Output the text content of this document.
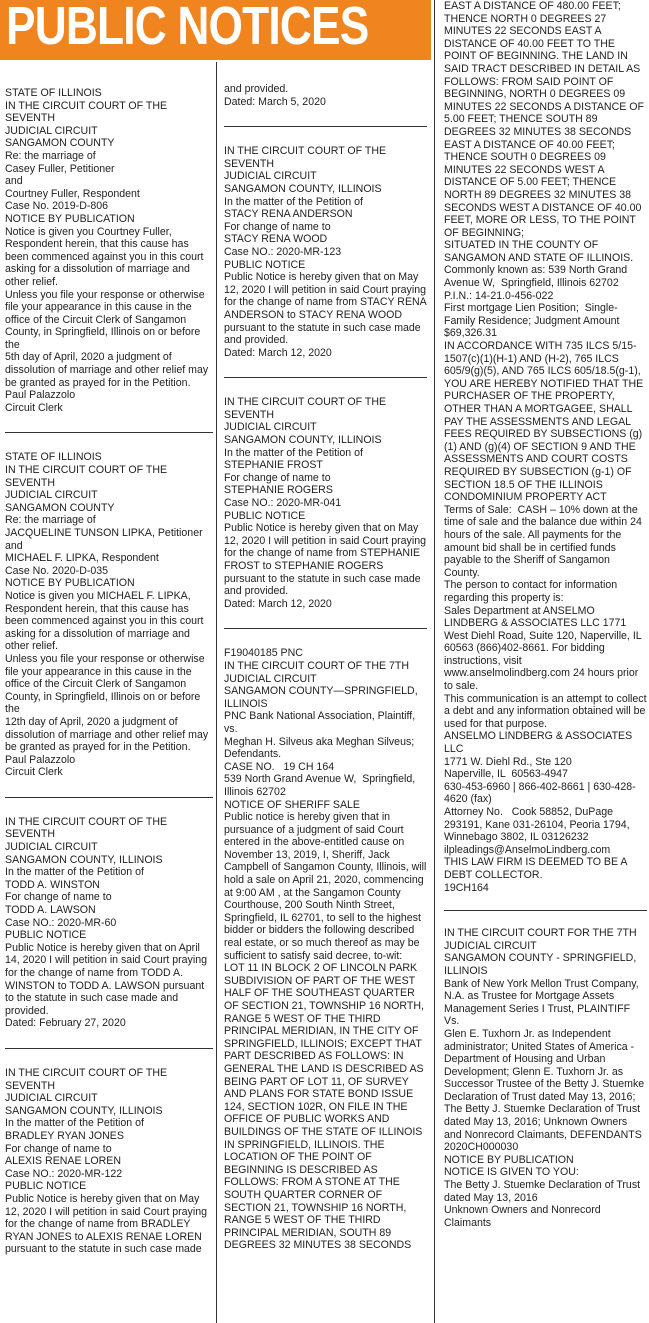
PUBLIC NOTICES
STATE OF ILLINOIS
IN THE CIRCUIT COURT OF THE SEVENTH
JUDICIAL CIRCUIT
SANGAMON COUNTY
Re: the marriage of
Casey Fuller, Petitioner
and
Courtney Fuller, Respondent
Case No. 2019-D-806
NOTICE BY PUBLICATION
Notice is given you Courtney Fuller, Respondent herein, that this cause has been commenced against you in this court asking for a dissolution of marriage and other relief.
Unless you file your response or otherwise file your appearance in this cause in the office of the Circuit Clerk of Sangamon County, in Springfield, Illinois on or before the
5th day of April, 2020 a judgment of dissolution of marriage and other relief may be granted as prayed for in the Petition.
Paul Palazzolo
Circuit Clerk
STATE OF ILLINOIS
IN THE CIRCUIT COURT OF THE SEVENTH
JUDICIAL CIRCUIT
SANGAMON COUNTY
Re: the marriage of
JACQUELINE TUNSON LIPKA, Petitioner
and
MICHAEL F. LIPKA, Respondent
Case No. 2020-D-035
NOTICE BY PUBLICATION
Notice is given you MICHAEL F. LIPKA, Respondent herein, that this cause has been commenced against you in this court asking for a dissolution of marriage and other relief.
Unless you file your response or otherwise file your appearance in this cause in the office of the Circuit Clerk of Sangamon County, in Springfield, Illinois on or before the
12th day of April, 2020 a judgment of dissolution of marriage and other relief may be granted as prayed for in the Petition.
Paul Palazzolo
Circuit Clerk
IN THE CIRCUIT COURT OF THE SEVENTH
JUDICIAL CIRCUIT
SANGAMON COUNTY, ILLINOIS
In the matter of the Petition of
TODD A. WINSTON
For change of name to
TODD A. LAWSON
Case NO.: 2020-MR-60
PUBLIC NOTICE
Public Notice is hereby given that on April 14, 2020 I will petition in said Court praying for the change of name from TODD A. WINSTON to TODD A. LAWSON pursuant to the statute in such case made and provided.
Dated: February 27, 2020
IN THE CIRCUIT COURT OF THE SEVENTH
JUDICIAL CIRCUIT
SANGAMON COUNTY, ILLINOIS
In the matter of the Petition of
BRADLEY RYAN JONES
For change of name to
ALEXIS RENAE LOREN
Case NO.: 2020-MR-122
PUBLIC NOTICE
Public Notice is hereby given that on May 12, 2020 I will petition in said Court praying for the change of name from BRADLEY RYAN JONES to ALEXIS RENAE LOREN pursuant to the statute in such case made
and provided.
Dated: March 5, 2020
IN THE CIRCUIT COURT OF THE SEVENTH
JUDICIAL CIRCUIT
SANGAMON COUNTY, ILLINOIS
In the matter of the Petition of
STACY RENA ANDERSON
For change of name to
STACY RENA WOOD
Case NO.: 2020-MR-123
PUBLIC NOTICE
Public Notice is hereby given that on May 12, 2020 I will petition in said Court praying for the change of name from STACY RENA ANDERSON to STACY RENA WOOD pursuant to the statute in such case made and provided.
Dated: March 12, 2020
IN THE CIRCUIT COURT OF THE SEVENTH
JUDICIAL CIRCUIT
SANGAMON COUNTY, ILLINOIS
In the matter of the Petition of
STEPHANIE FROST
For change of name to
STEPHANIE ROGERS
Case NO.: 2020-MR-041
PUBLIC NOTICE
Public Notice is hereby given that on May 12, 2020 I will petition in said Court praying for the change of name from STEPHANIE FROST to STEPHANIE ROGERS pursuant to the statute in such case made and provided.
Dated: March 12, 2020
F19040185 PNC
IN THE CIRCUIT COURT OF THE 7TH
JUDICIAL CIRCUIT
SANGAMON COUNTY—SPRINGFIELD, ILLINOIS
PNC Bank National Association, Plaintiff,
vs.
Meghan H. Silveus aka Meghan Silveus; Defendants.
CASE NO.   19 CH 164
539 North Grand Avenue W,  Springfield, Illinois 62702
NOTICE OF SHERIFF SALE
Public notice is hereby given that in pursuance of a judgment of said Court entered in the above-entitled cause on November 13, 2019, I, Sheriff, Jack  Campbell of Sangamon County, Illinois, will hold a sale on April 21, 2020, commencing at 9:00 AM , at the Sangamon County Courthouse, 200 South Ninth Street, Springfield, IL 62701, to sell to the highest bidder or bidders the following described real estate, or so much thereof as may be sufficient to satisfy said decree, to-wit:
LOT 11 IN BLOCK 2 OF LINCOLN PARK SUBDIVISION OF PART OF THE WEST HALF OF THE SOUTHEAST QUARTER OF SECTION 21, TOWNSHIP 16 NORTH, RANGE 5 WEST OF THE THIRD PRINCIPAL MERIDIAN, IN THE CITY OF SPRINGFIELD, ILLINOIS; EXCEPT THAT PART DESCRIBED AS FOLLOWS: IN GENERAL THE LAND IS DESCRIBED AS BEING PART OF LOT 11, OF SURVEY AND PLANS FOR STATE BOND ISSUE 124, SECTION 102R, ON FILE IN THE OFFICE OF PUBLIC WORKS AND BUILDINGS OF THE STATE OF ILLINOIS IN SPRINGFIELD, ILLINOIS. THE LOCATION OF THE POINT OF BEGINNING IS DESCRIBED AS FOLLOWS: FROM A STONE AT THE SOUTH QUARTER CORNER OF SECTION 21, TOWNSHIP 16 NORTH, RANGE 5 WEST OF THE THIRD PRINCIPAL MERIDIAN, SOUTH 89 DEGREES 32 MINUTES 38 SECONDS
EAST A DISTANCE OF 480.00 FEET; THENCE NORTH 0 DEGREES 27 MINUTES 22 SECONDS EAST A
DISTANCE OF 40.00 FEET TO THE POINT OF BEGINNING. THE LAND IN SAID TRACT DESCRIBED IN DETAIL AS FOLLOWS: FROM SAID POINT OF BEGINNING, NORTH 0 DEGREES 09 MINUTES 22 SECONDS A DISTANCE OF 5.00 FEET; THENCE SOUTH 89 DEGREES 32 MINUTES 38 SECONDS EAST A DISTANCE OF 40.00 FEET; THENCE SOUTH 0 DEGREES 09 MINUTES 22 SECONDS WEST A DISTANCE OF 5.00 FEET; THENCE NORTH 89 DEGREES 32 MINUTES 38 SECONDS WEST A DISTANCE OF 40.00 FEET, MORE OR LESS, TO THE POINT OF BEGINNING;
SITUATED IN THE COUNTY OF SANGAMON AND STATE OF ILLINOIS.
Commonly known as: 539 North Grand Avenue W,  Springfield, Illinois 62702
P.I.N.: 14-21.0-456-022
First mortgage Lien Position;  Single-Family Residence; Judgment Amount $69,326.31
IN ACCORDANCE WITH 735 ILCS 5/15-1507(c)(1)(H-1) AND (H-2), 765 ILCS 605/9(g)(5), AND 765 ILCS 605/18.5(g-1), YOU ARE HEREBY NOTIFIED THAT THE PURCHASER OF THE PROPERTY, OTHER THAN A MORTGAGEE, SHALL PAY THE ASSESSMENTS AND LEGAL FEES REQUIRED BY SUBSECTIONS (g)(1) AND (g)(4) OF SECTION 9 AND THE ASSESSMENTS AND COURT COSTS REQUIRED BY SUBSECTION (g-1) OF SECTION 18.5 OF THE ILLINOIS CONDOMINIUM PROPERTY ACT
Terms of Sale:  CASH – 10% down at the time of sale and the balance due within 24 hours of the sale. All payments for the amount bid shall be in certified funds payable to the Sheriff of Sangamon County.
The person to contact for information regarding this property is:
Sales Department at ANSELMO LINDBERG & ASSOCIATES LLC 1771 West Diehl Road, Suite 120, Naperville, IL 60563 (866)402-8661. For bidding instructions, visit www.anselmolindberg.com 24 hours prior to sale.
This communication is an attempt to collect a debt and any information obtained will be used for that purpose.
ANSELMO LINDBERG & ASSOCIATES LLC
1771 W. Diehl Rd., Ste 120
Naperville, IL  60563-4947
630-453-6960 | 866-402-8661 | 630-428-4620 (fax)
Attorney No.   Cook 58852, DuPage 293191, Kane 031-26104, Peoria 1794, Winnebago 3802, IL 03126232
ilpleadings@AnselmoLindberg.com
THIS LAW FIRM IS DEEMED TO BE A DEBT COLLECTOR.
19CH164
IN THE CIRCUIT COURT FOR THE 7TH JUDICIAL CIRCUIT
SANGAMON COUNTY - SPRINGFIELD, ILLINOIS
Bank of New York Mellon Trust Company, N.A. as Trustee for Mortgage Assets Management Series I Trust, PLAINTIFF
Vs.
Glen E. Tuxhorn Jr. as Independent administrator; United States of America - Department of Housing and Urban Development; Glenn E. Tuxhorn Jr. as Successor Trustee of the Betty J. Stuemke Declaration of Trust dated May 13, 2016; The Betty J. Stuemke Declaration of Trust dated May 13, 2016; Unknown Owners and Nonrecord Claimants, DEFENDANTS
2020CH000030
NOTICE BY PUBLICATION
NOTICE IS GIVEN TO YOU:
The Betty J. Stuemke Declaration of Trust dated May 13, 2016
Unknown Owners and Nonrecord Claimants
